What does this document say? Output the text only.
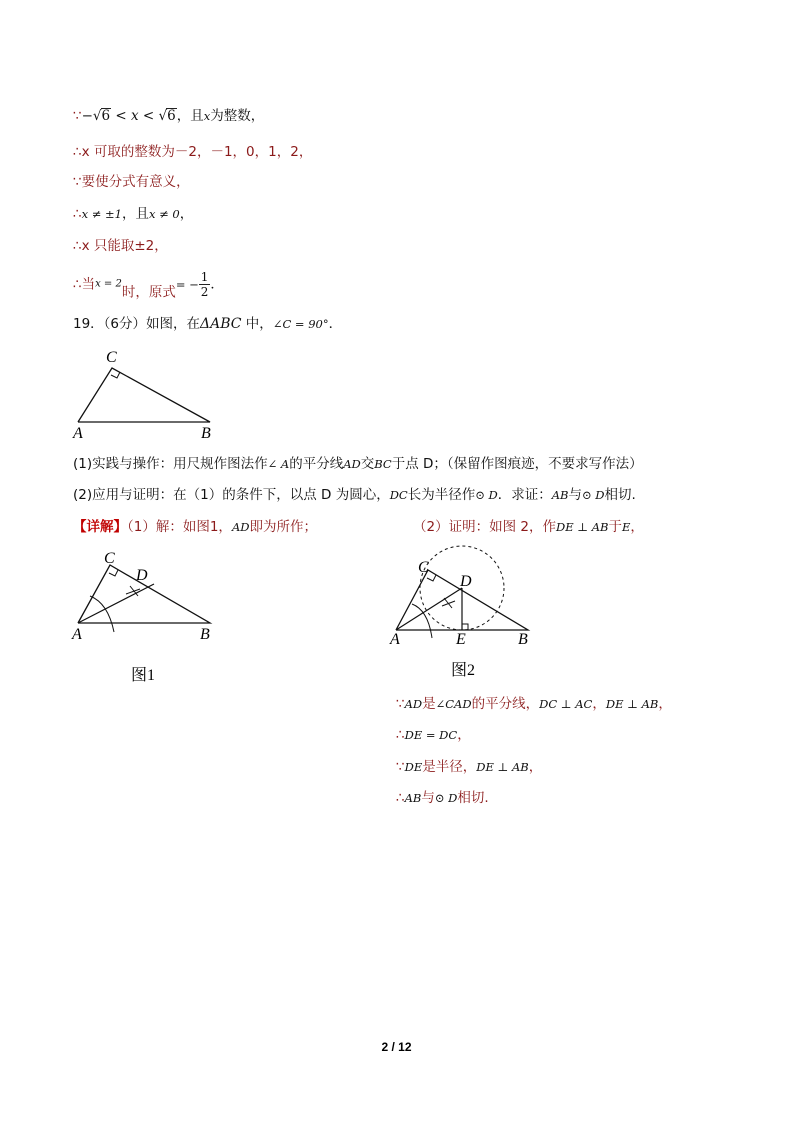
∵−√6 < x < √6，且x为整数，
∴x 可取的整数为－2，－1，0，1，2，
∵要使分式有意义，
∴x ≠ ±1，且x ≠ 0，
∴x 只能取±2，
∴当x = 2时，原式= − $\frac{1}{2}$ ．
19．（6分）如图，在ΔABC 中，∠C = 90°．
C
A	B
(1)实践与操作：用尺规作图法作∠ A的平分线AD交BC于点 D；（保留作图痕迹，不要求写作法）
(2)应用与证明：在（1）的条件下，以点 D 为圆心，DC长为半径作⊙ D．求证：AB与⊙ D相切.
【详解】（1）解：如图1，AD即为所作；	（2）证明：如图 2，作DE ⊥ AB于E，
C
D
A	B
图1
C
D
A	E	B
图2
∵AD是∠CAD的平分线，DC ⊥ AC，DE ⊥ AB，
∴DE = DC，
∵DE是半径，DE ⊥ AB，
∴AB与⊙ D相切.
2 / 12
